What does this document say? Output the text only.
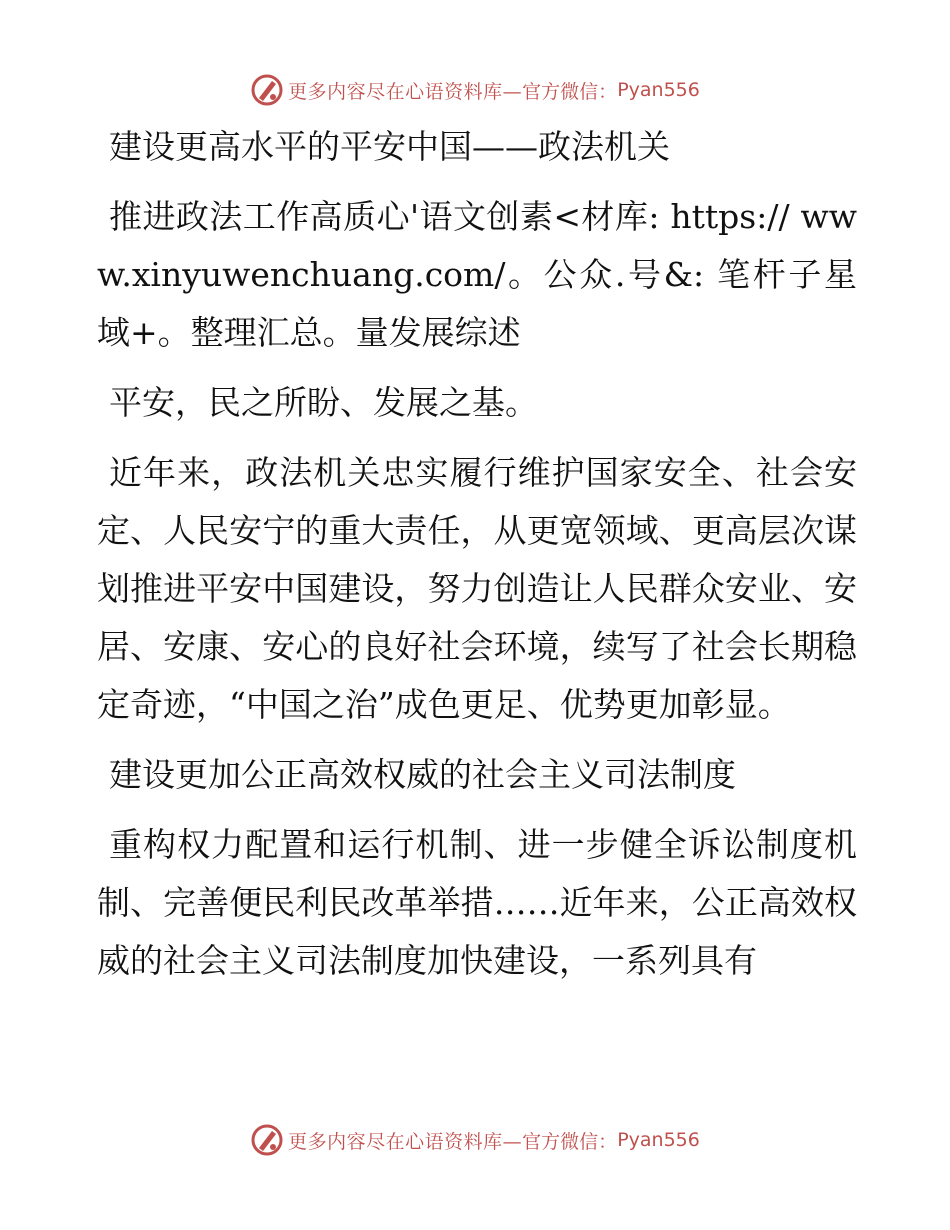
更多内容尽在心语资料库— 官方微信： Pyan556

建设更高水平的平安中国——政法机关

推进政法工作高质心'语文创素<材库: https:// www.xinyuwenchuang.com/。公众.号&: 笔杆子星域+。整理汇总。量发展综述

平安，民之所盼、发展之基。

近年来，政法机关忠实履行维护国家安全、社会安定、人民安宁的重大责任，从更宽领域、更高层次谋划推进平安中国建设，努力创造让人民群众安业、安居、安康、安心的良好社会环境，续写了社会长期稳定奇迹，“中国之治”成色更足、优势更加彰显。

建设更加公正高效权威的社会主义司法制度

重构权力配置和运行机制、进一步健全诉讼制度机制、完善便民利民改革举措……近年来，公正高效权威的社会主义司法制度加快建设，一系列具有

更多内容尽在心语资料库— 官方微信： Pyan556
